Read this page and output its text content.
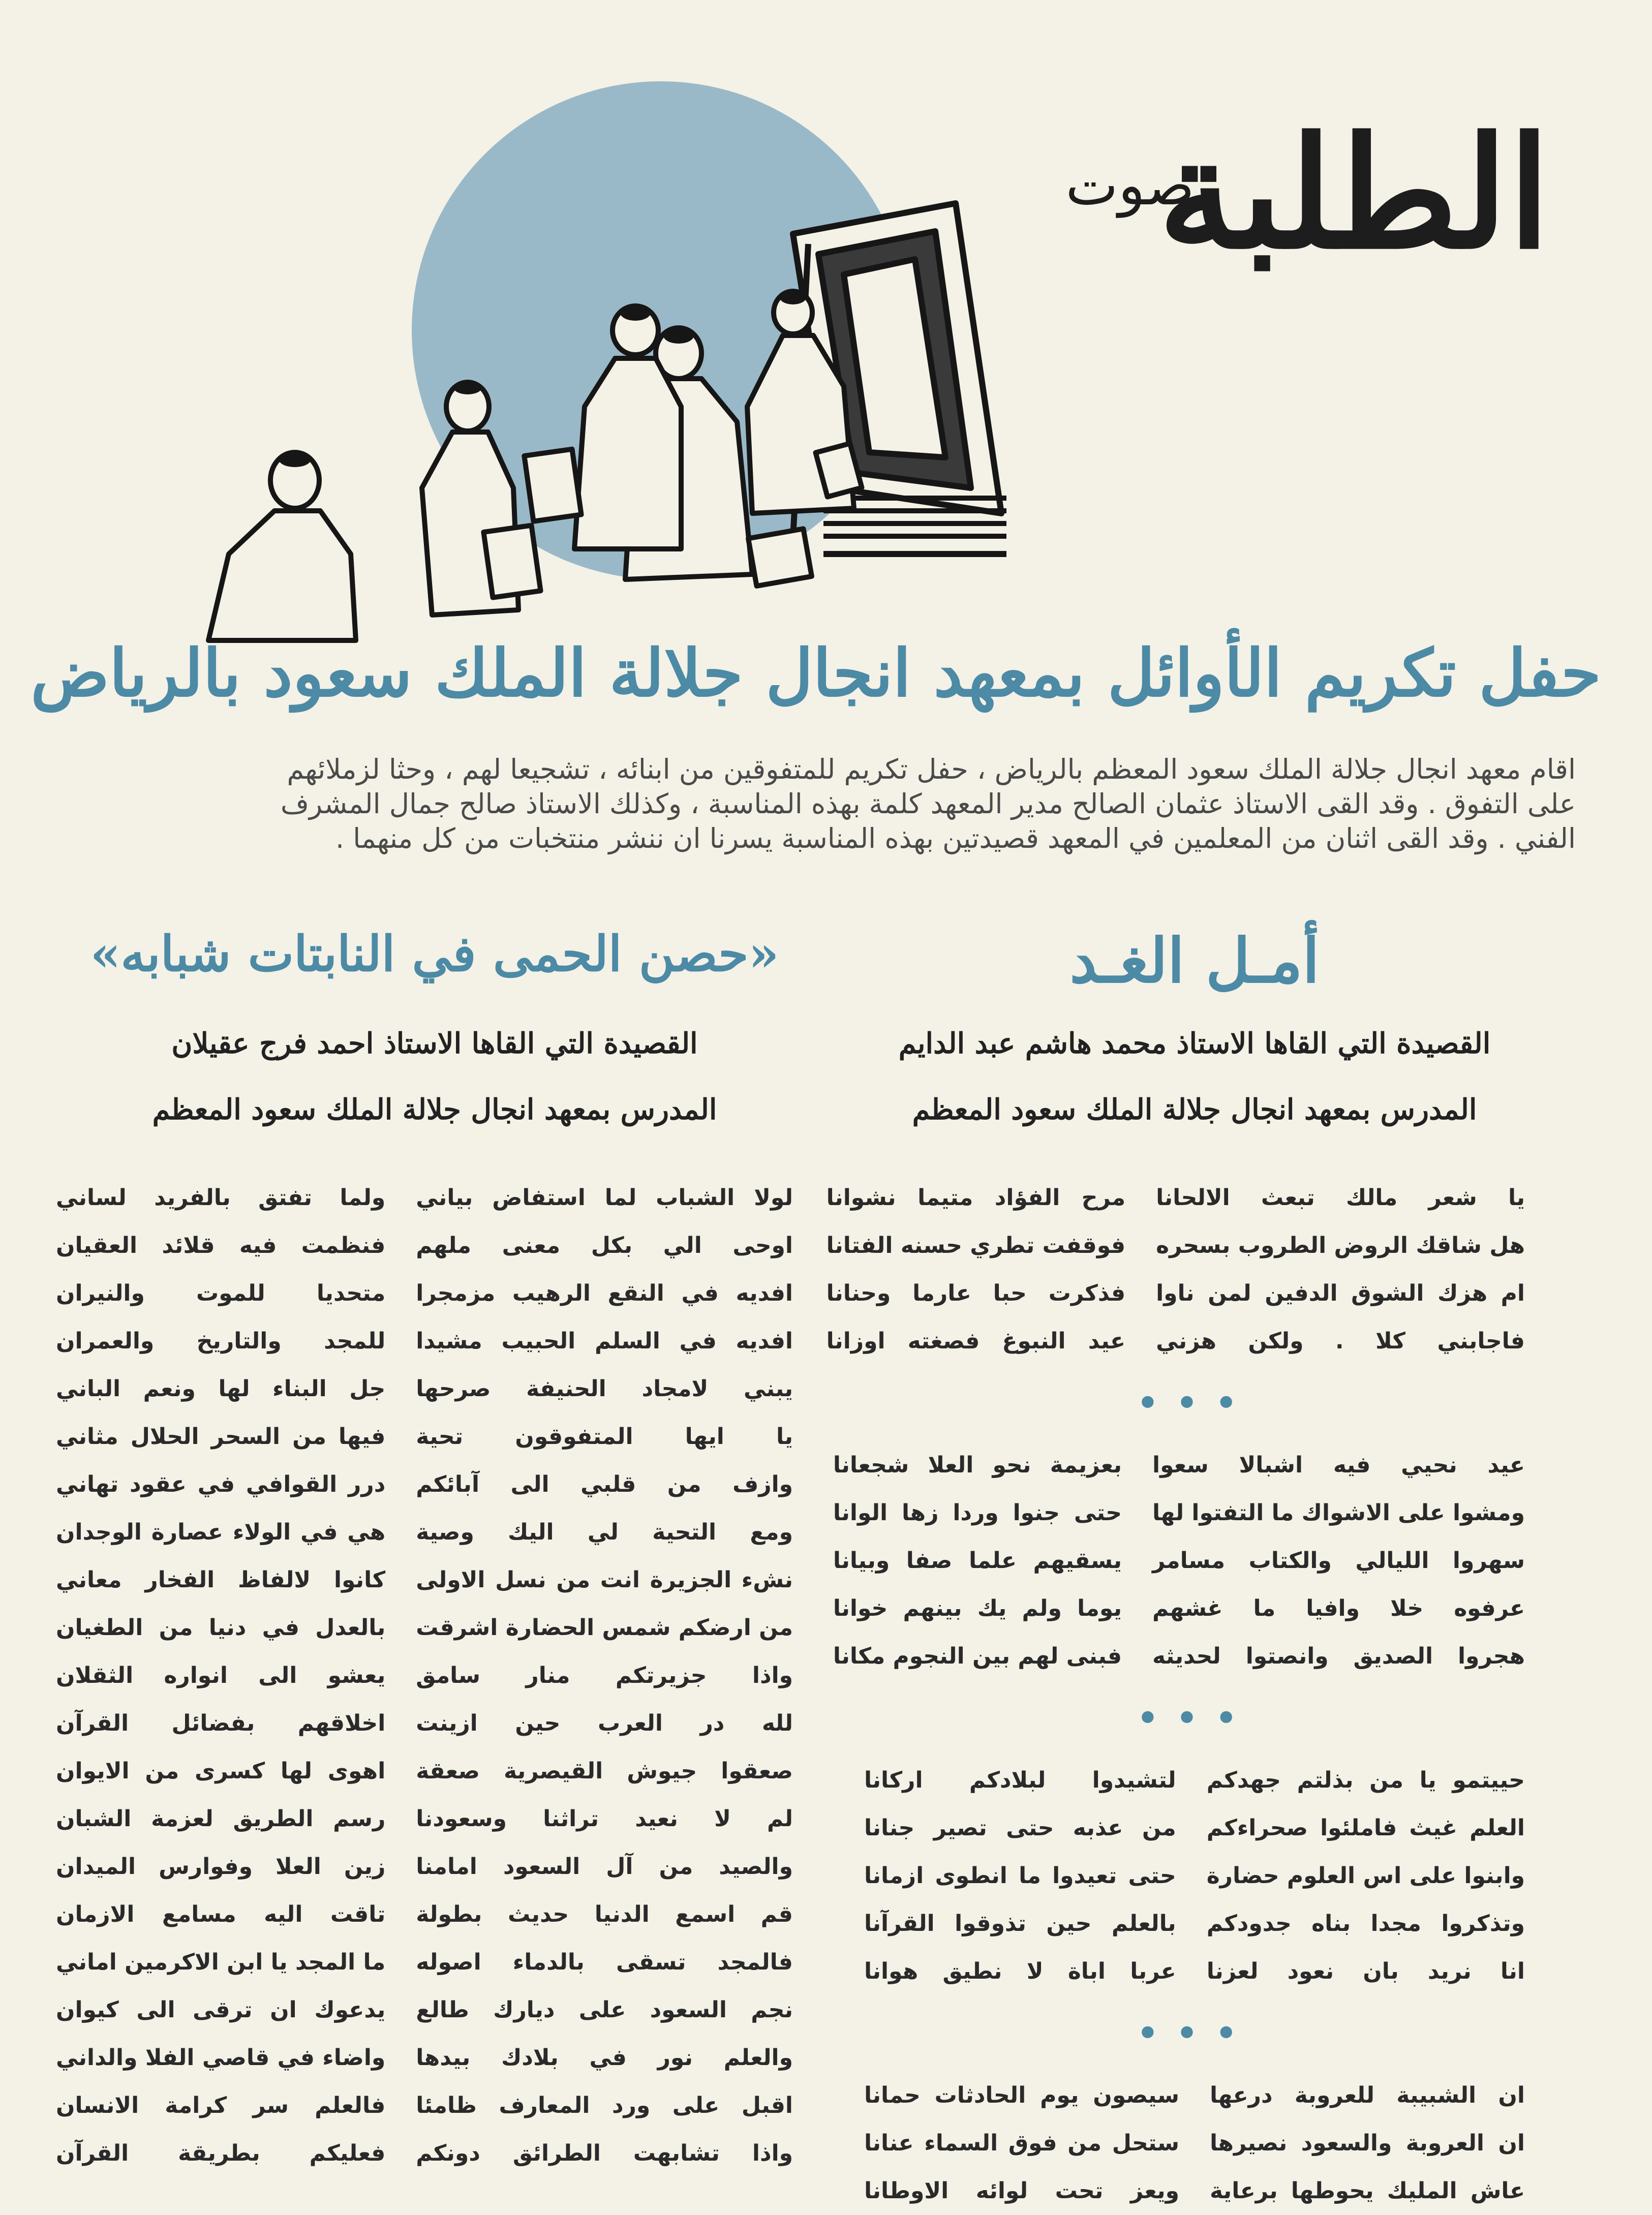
الطلبة
صوت
حفل تكريم الأوائل بمعهد انجال جلالة الملك سعود بالرياض

اقام معهد انجال جلالة الملك سعود المعظم بالرياض ، حفل تكريم للمتفوقين من ابنائه ، تشجيعا لهم ، وحثا لزملائهم

على التفوق . وقد القى الاستاذ عثمان الصالح مدير المعهد كلمة بهذه المناسبة ، وكذلك الاستاذ صالح جمال المشرف

الفني . وقد القى اثنان من المعلمين في المعهد قصيدتين بهذه المناسبة يسرنا ان ننشر منتخبات من كل منهما .

أمـل الغـد
القصيدة التي القاها الاستاذ محمد هاشم عبد الدايم
المدرس بمعهد انجال جلالة الملك سعود المعظم
يا شعر مالك تبعث الالحانا
مرح الفؤاد متيما نشوانا
هل شاقك الروض الطروب بسحره
فوقفت تطري حسنه الفتانا
ام هزك الشوق الدفين لمن ناوا
فذكرت حبا عارما وحنانا
فاجابني كلا . ولكن هزني
عيد النبوغ فصغته اوزانا
•••
عيد نحيي فيه اشبالا سعوا
بعزيمة نحو العلا شجعانا
ومشوا على الاشواك ما التفتوا لها
حتى جنوا وردا زها الوانا
سهروا الليالي والكتاب مسامر
يسقيهم علما صفا وبيانا
عرفوه خلا وافيا ما غشهم
يوما ولم يك بينهم خوانا
هجروا الصديق وانصتوا لحديثه
فبنى لهم بين النجوم مكانا
•••
حييتمو يا من بذلتم جهدكم
لتشيدوا لبلادكم اركانا
العلم غيث فاملئوا صحراءكم
من عذبه حتى تصير جنانا
وابنوا على اس العلوم حضارة
حتى تعيدوا ما انطوى ازمانا
وتذكروا مجدا بناه جدودكم
بالعلم حين تذوقوا القرآنا
انا نريد بان نعود لعزنا
عربا اباة لا نطيق هوانا
•••
ان الشبيبة للعروبة درعها
سيصون يوم الحادثات حمانا
ان العروبة والسعود نصيرها
ستحل من فوق السماء عنانا
عاش المليك يحوطها برعاية
ويعز تحت لوائه الاوطانا
«حصن الحمى في النابتات شبابه»
القصيدة التي القاها الاستاذ احمد فرج عقيلان
المدرس بمعهد انجال جلالة الملك سعود المعظم
لولا الشباب لما استفاض بياني
ولما تفتق بالفريد لساني
اوحى الي بكل معنى ملهم
فنظمت فيه قلائد العقيان
افديه في النقع الرهيب مزمجرا
متحديا للموت والنيران
افديه في السلم الحبيب مشيدا
للمجد والتاريخ والعمران
يبني لامجاد الحنيفة صرحها
جل البناء لها ونعم الباني
يا ايها المتفوقون تحية
فيها من السحر الحلال مثاني
وازف من قلبي الى آبائكم
درر القوافي في عقود تهاني
ومع التحية لي اليك وصية
هي في الولاء عصارة الوجدان
نشء الجزيرة انت من نسل الاولى
كانوا لالفاظ الفخار معاني
من ارضكم شمس الحضارة اشرقت
بالعدل في دنيا من الطغيان
واذا جزيرتكم منار سامق
يعشو الى انواره الثقلان
لله در العرب حين ازينت
اخلاقهم بفضائل القرآن
صعقوا جيوش القيصرية صعقة
اهوى لها كسرى من الايوان
لم لا نعيد تراثنا وسعودنا
رسم الطريق لعزمة الشبان
والصيد من آل السعود امامنا
زين العلا وفوارس الميدان
قم اسمع الدنيا حديث بطولة
تاقت اليه مسامع الازمان
فالمجد تسقى بالدماء اصوله
ما المجد يا ابن الاكرمين اماني
نجم السعود على ديارك طالع
يدعوك ان ترقى الى كيوان
والعلم نور في بلادك بيدها
واضاء في قاصي الفلا والداني
اقبل على ورد المعارف ظامئا
فالعلم سر كرامة الانسان
واذا تشابهت الطرائق دونكم
فعليكم بطريقة القرآن
